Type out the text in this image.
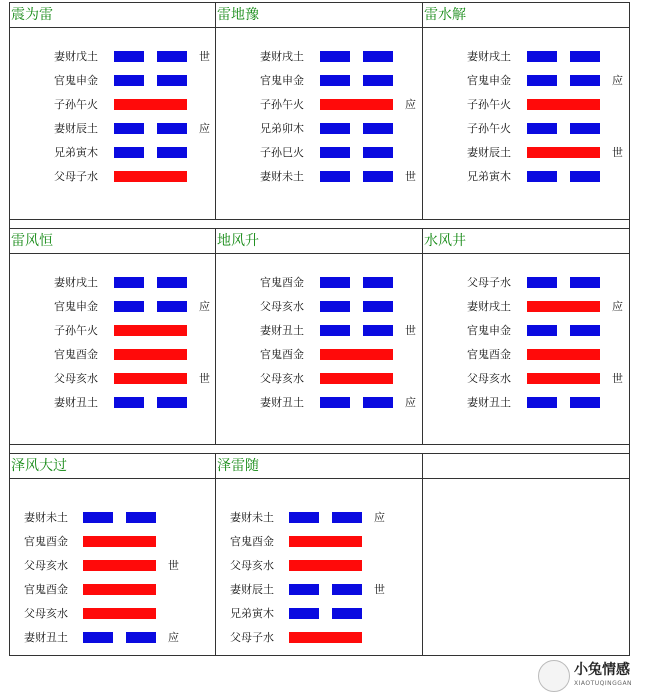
震为雷
妻财戊土	世
官鬼申金
子孙午火
妻财辰土	应
兄弟寅木
父母子水
雷地豫
妻财戌土
官鬼申金
子孙午火	应
兄弟卯木
子孙巳火
妻财未土	世
雷水解
妻财戌土
官鬼申金	应
子孙午火
子孙午火
妻财辰土	世
兄弟寅木
雷风恒
妻财戌土
官鬼申金	应
子孙午火
官鬼酉金
父母亥水	世
妻财丑土
地风升
官鬼酉金
父母亥水
妻财丑土	世
官鬼酉金
父母亥水
妻财丑土	应
水风井
父母子水
妻财戌土	应
官鬼申金
官鬼酉金
父母亥水	世
妻财丑土
泽风大过
妻财未土
官鬼酉金
父母亥水	世
官鬼酉金
父母亥水
妻财丑土	应
泽雷随
妻财未土	应
官鬼酉金
父母亥水
妻财辰土	世
兄弟寅木
父母子水
小兔情感
XIAOTUQINGGAN
